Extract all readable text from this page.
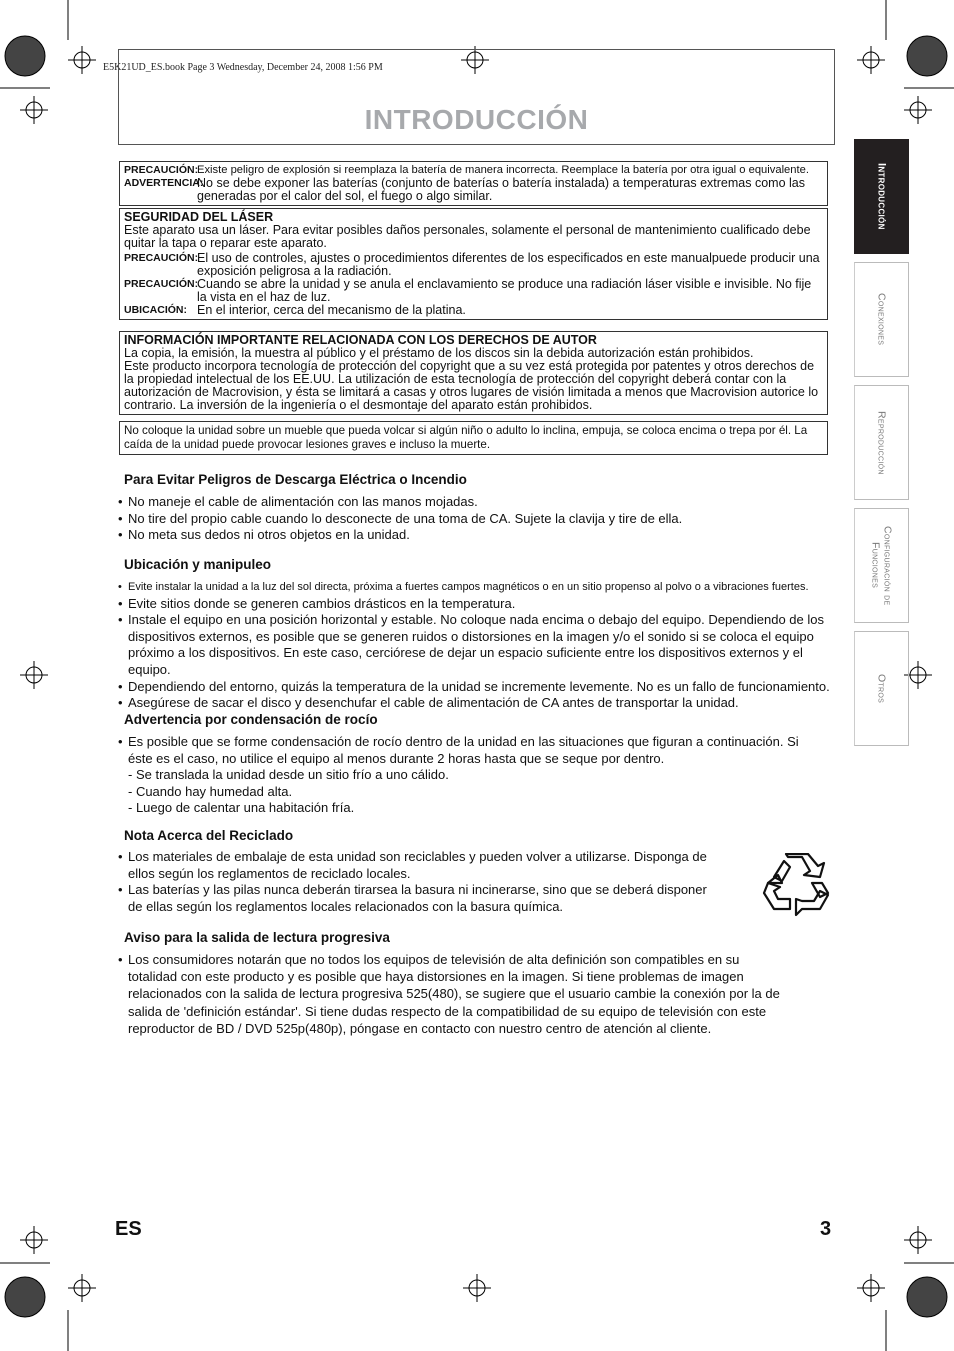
E5K21UD_ES.book Page 3 Wednesday, December 24, 2008 1:56 PM
INTRODUCCIÓN
Introducción
Conexiones
Reproducción
Configuración de Funciones
Otros
PRECAUCIÓN:
Existe peligro de explosión si reemplaza la batería de manera incorrecta. Reemplace la batería por otra igual o equivalente.
ADVERTENCIA:
No se debe exponer las baterías (conjunto de baterías o batería instalada) a temperaturas extremas como las generadas por el calor del sol, el fuego o algo similar.
SEGURIDAD DEL LÁSER
Este aparato usa un láser. Para evitar posibles daños personales, solamente el personal de mantenimiento cualificado debe quitar la tapa o reparar este aparato.
PRECAUCIÓN:
El uso de controles, ajustes o procedimientos diferentes de los especificados en este manualpuede producir una exposición peligrosa a la radiación.
PRECAUCIÓN:
Cuando se abre la unidad y se anula el enclavamiento se produce una radiación láser visible e invisible. No fije la vista en el haz de luz.
UBICACIÓN: En el interior, cerca del mecanismo de la platina.
INFORMACIÓN IMPORTANTE RELACIONADA CON LOS DERECHOS DE AUTOR
La copia, la emisión, la muestra al público y el préstamo de los discos sin la debida autorización están prohibidos.
Este producto incorpora tecnología de protección del copyright que a su vez está protegida por patentes y otros derechos de la propiedad intelectual de los EE.UU. La utilización de esta tecnología de protección del copyright deberá contar con la autorización de Macrovision, y ésta se limitará a casas y otros lugares de visión limitada a menos que Macrovision autorice lo contrario. La inversión de la ingeniería o el desmontaje del aparato están prohibidos.
No coloque la unidad sobre un mueble que pueda volcar si algún niño o adulto lo inclina, empuja, se coloca encima o trepa por él. La caída de la unidad puede provocar lesiones graves e incluso la muerte.
Para Evitar Peligros de Descarga Eléctrica o Incendio
• No maneje el cable de alimentación con las manos mojadas.
• No tire del propio cable cuando lo desconecte de una toma de CA. Sujete la clavija y tire de ella.
• No meta sus dedos ni otros objetos en la unidad.
Ubicación y manipuleo
• Evite instalar la unidad a la luz del sol directa, próxima a fuertes campos magnéticos o en un sitio propenso al polvo o a vibraciones fuertes.
• Evite sitios donde se generen cambios drásticos en la temperatura.
• Instale el equipo en una posición horizontal y estable. No coloque nada encima o debajo del equipo. Dependiendo de los dispositivos externos, es posible que se generen ruidos o distorsiones en la imagen y/o el sonido si se coloca el equipo próximo a los dispositivos. En este caso, cerciórese de dejar un espacio suficiente entre los dispositivos externos y el equipo.
• Dependiendo del entorno, quizás la temperatura de la unidad se incremente levemente. No es un fallo de funcionamiento.
• Asegúrese de sacar el disco y desenchufar el cable de alimentación de CA antes de transportar la unidad.
Advertencia por condensación de rocío
• Es posible que se forme condensación de rocío dentro de la unidad en las situaciones que figuran a continuación. Si éste es el caso, no utilice el equipo al menos durante 2 horas hasta que se seque por dentro.
- Se translada la unidad desde un sitio frío a uno cálido.
- Cuando hay humedad alta.
- Luego de calentar una habitación fría.
Nota Acerca del Reciclado
• Los materiales de embalaje de esta unidad son reciclables y pueden volver a utilizarse. Disponga de ellos según los reglamentos de reciclado locales.
• Las baterías y las pilas nunca deberán tirarsea la basura ni incinerarse, sino que se deberá disponer de ellas según los reglamentos locales relacionados con la basura química.
Aviso para la salida de lectura progresiva
• Los consumidores notarán que no todos los equipos de televisión de alta definición son compatibles en su totalidad con este producto y es posible que haya distorsiones en la imagen. Si tiene problemas de imagen relacionados con la salida de lectura progresiva 525(480), se sugiere que el usuario cambie la conexión por la de salida de 'definición estándar'. Si tiene dudas respecto de la compatibilidad de su equipo de televisión con este reproductor de BD / DVD 525p(480p), póngase en contacto con nuestro centro de atención al cliente.
ES	3
